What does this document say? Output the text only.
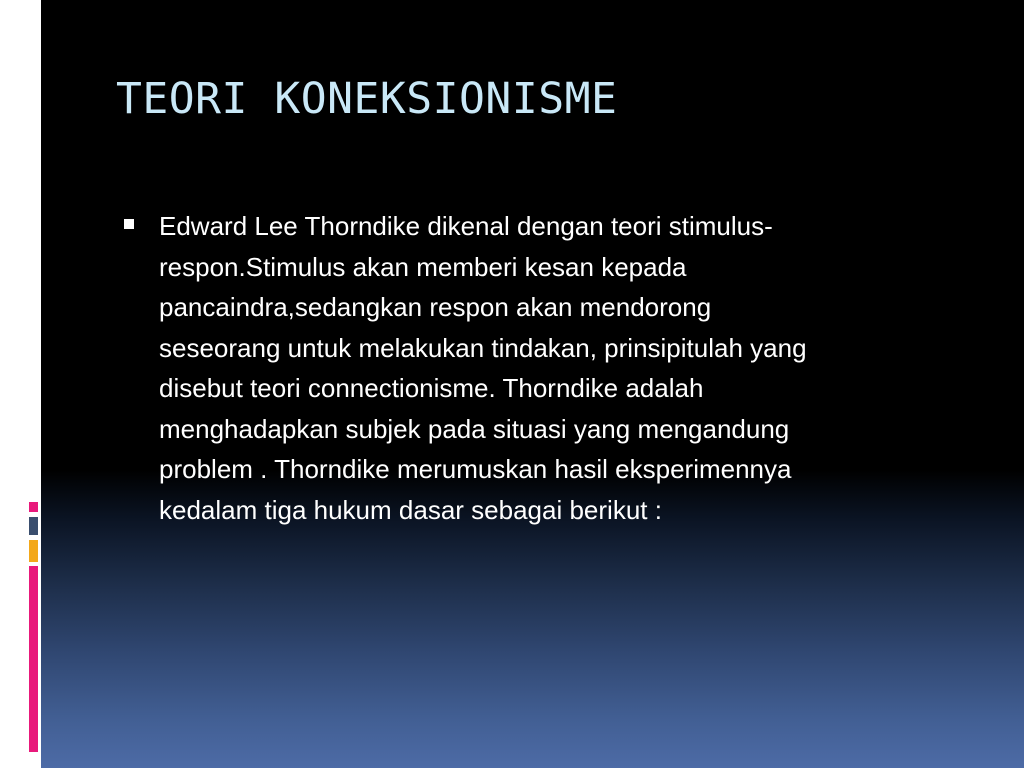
TEORI KONEKSIONISME
Edward Lee Thorndike dikenal dengan teori stimulus-
respon.Stimulus akan memberi kesan kepada
pancaindra,sedangkan respon akan mendorong
seseorang untuk melakukan tindakan, prinsipitulah yang
disebut teori connectionisme. Thorndike adalah
menghadapkan subjek pada situasi yang mengandung
problem . Thorndike merumuskan hasil eksperimennya
kedalam tiga hukum dasar sebagai berikut :
